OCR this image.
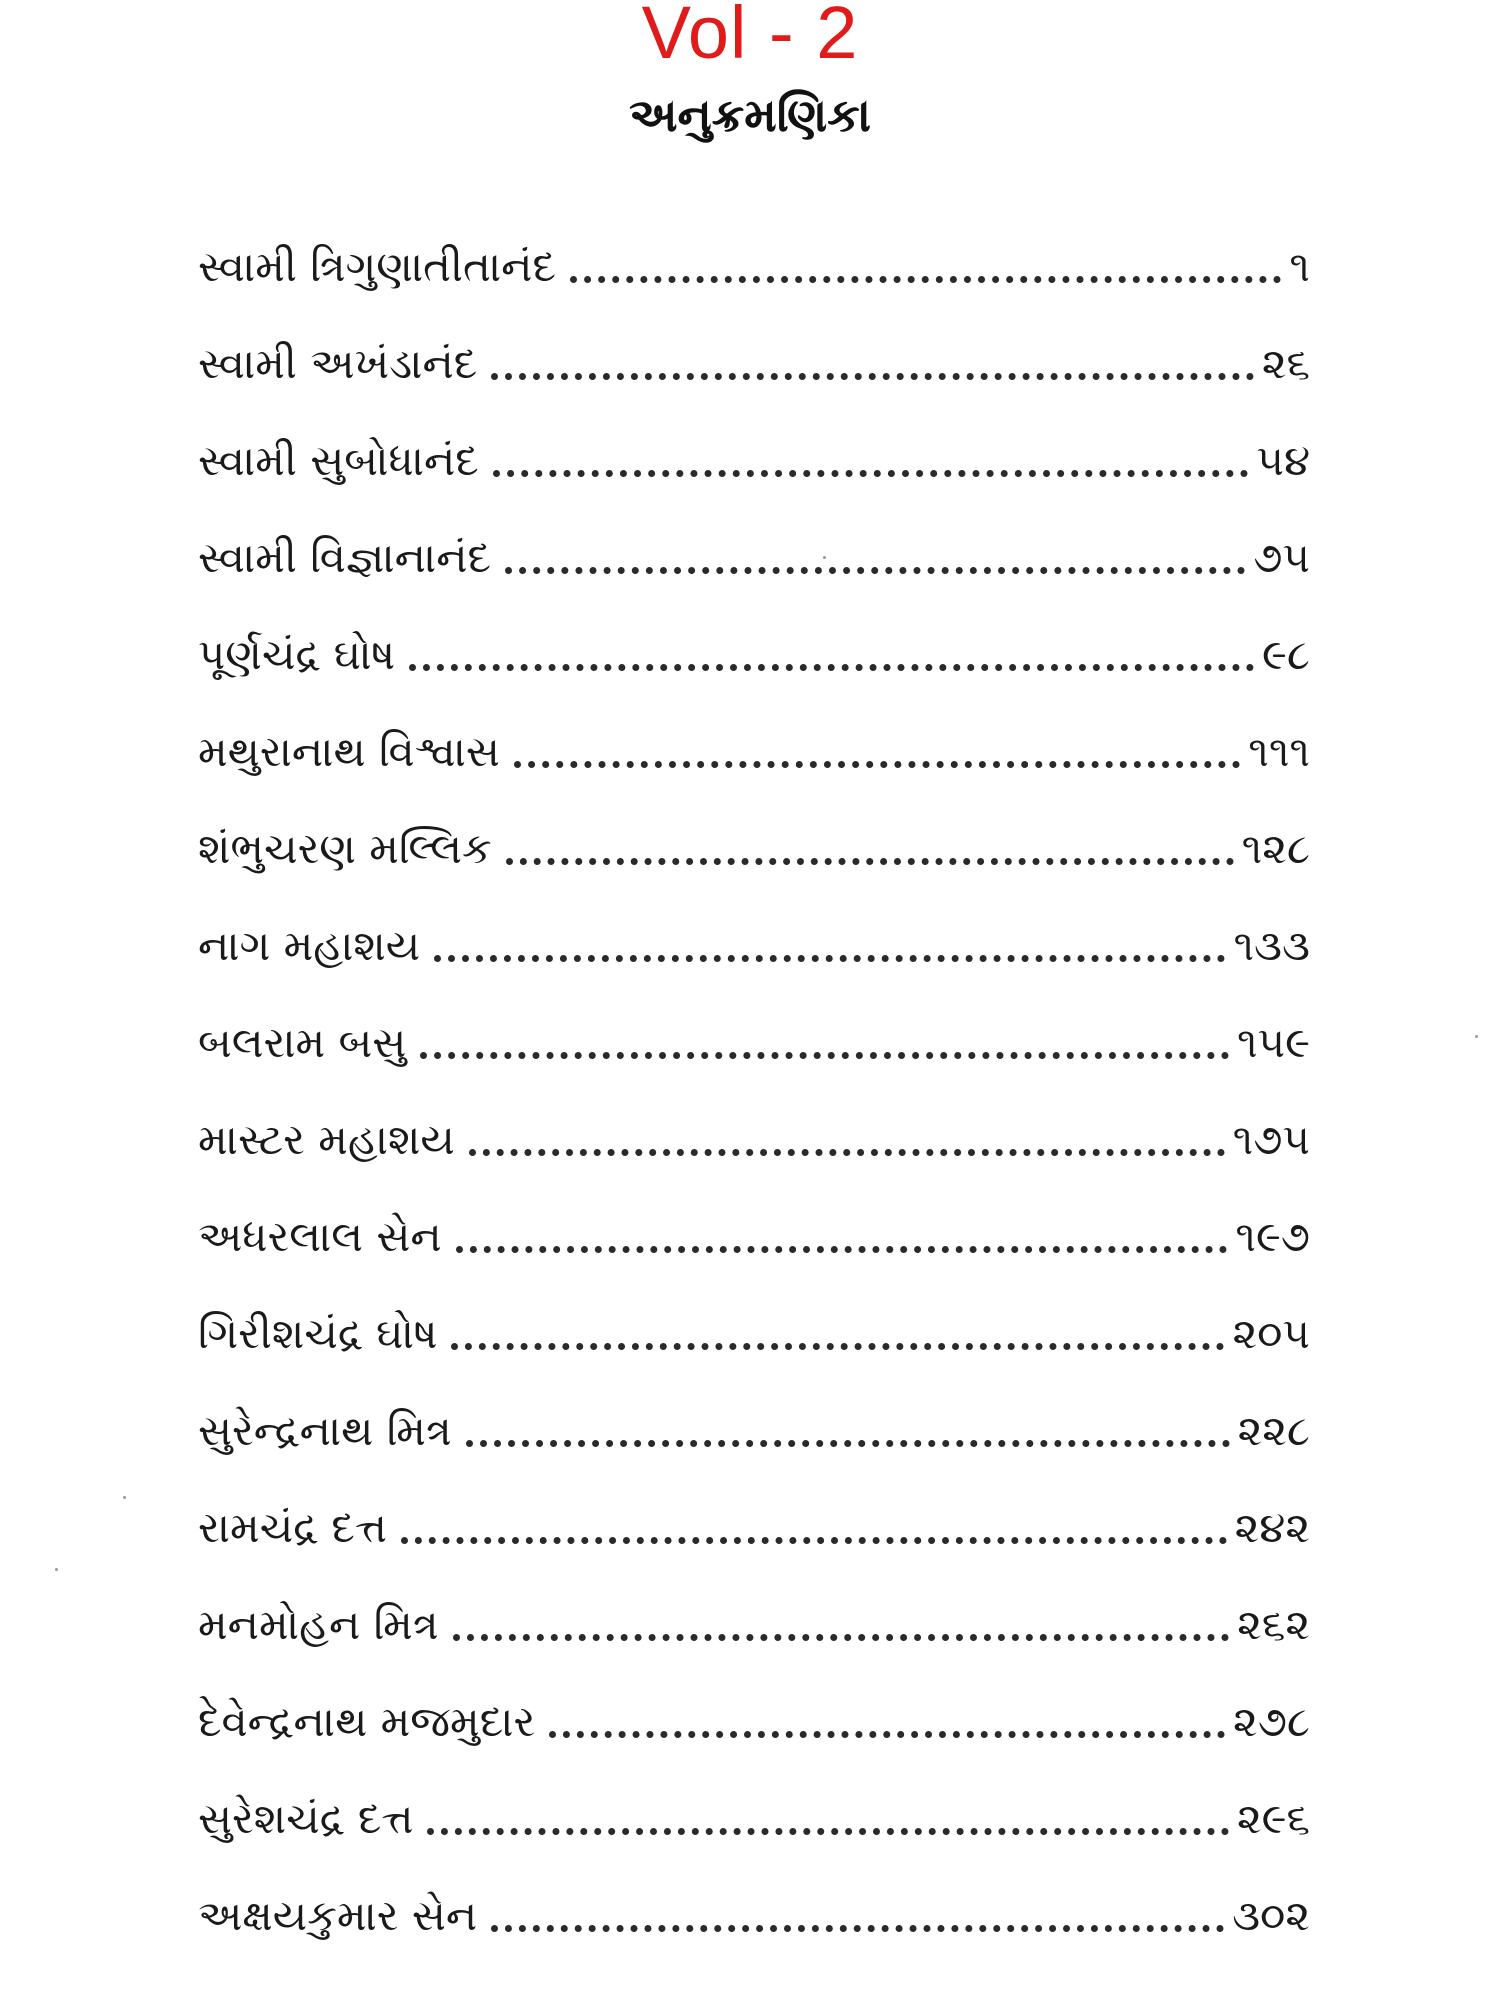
Vol - 2
અનુક્રમણિકા
સ્વામી ત્રિગુણાતીતાનંદ	૧
સ્વામી અખંડાનંદ	૨૬
સ્વામી સુબોધાનંદ	૫૪
સ્વામી વિજ્ઞાનાનંદ	૭૫
પૂર્ણચંદ્ર ઘોષ	૯૮
મથુરાનાથ વિશ્વાસ	૧૧૧
શંભુચરણ મલ્લિક	૧૨૮
નાગ મહાશય	૧૩૩
બલરામ બસુ	૧૫૯
માસ્ટર મહાશય	૧૭૫
અધરલાલ સેન	૧૯૭
ગિરીશચંદ્ર ઘોષ	૨૦૫
સુરેન્દ્રનાથ મિત્ર	૨૨૮
રામચંદ્ર દત્ત	૨૪૨
મનમોહન મિત્ર	૨૬૨
દેવેન્દ્રનાથ મજમુદાર	૨૭૮
સુરેશચંદ્ર દત્ત	૨૯૬
અક્ષયકુમાર સેન	૩૦૨
